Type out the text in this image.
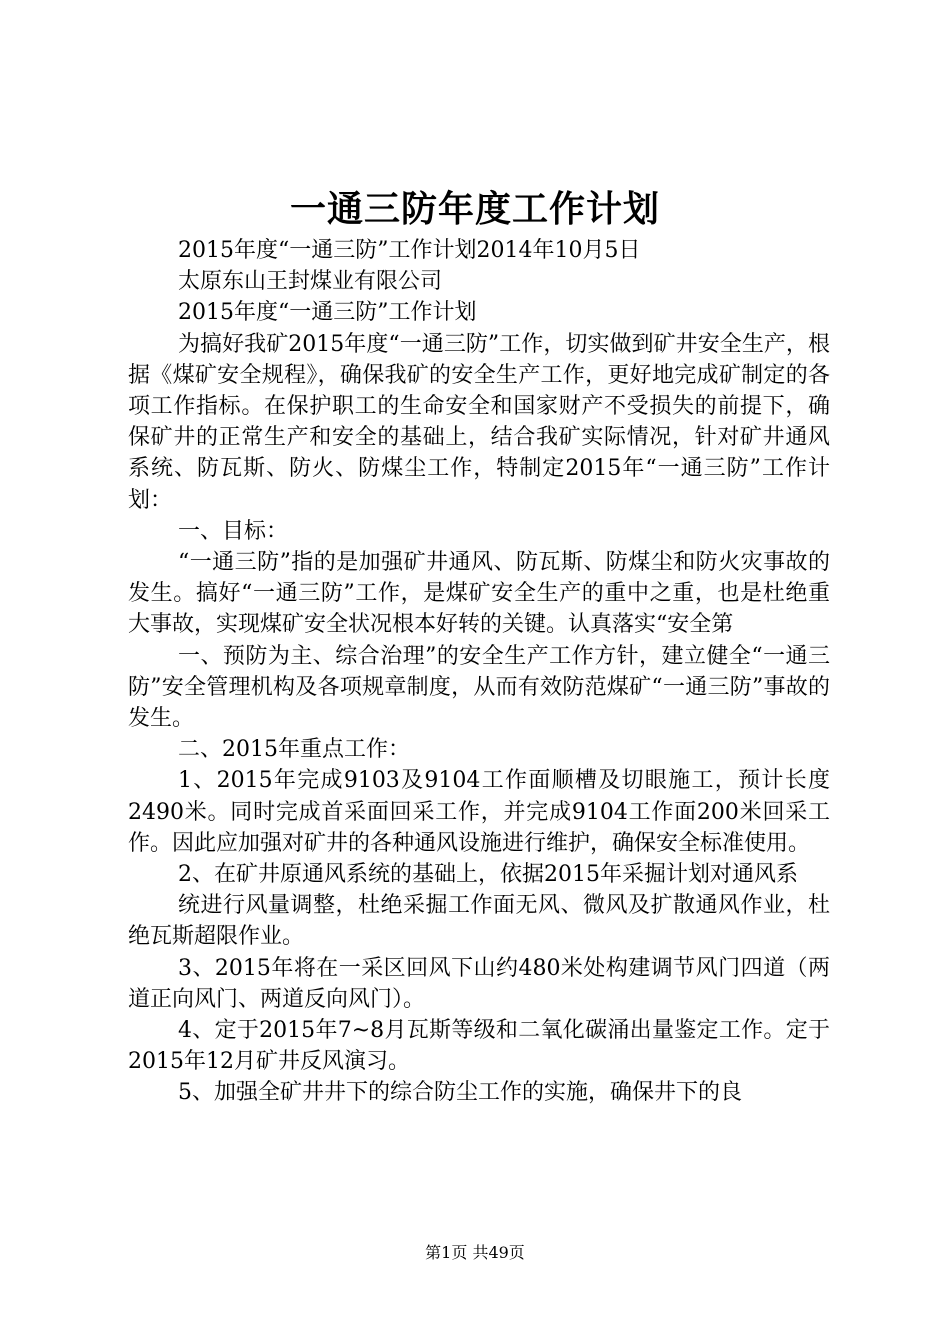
一通三防年度工作计划

2015年度“一通三防”工作计划2014年10月5日

太原东山王封煤业有限公司

2015年度“一通三防”工作计划

为搞好我矿2015年度“一通三防”工作，切实做到矿井安全生产，根据《煤矿安全规程》，确保我矿的安全生产工作，更好地完成矿制定的各项工作指标。在保护职工的生命安全和国家财产不受损失的前提下，确保矿井的正常生产和安全的基础上，结合我矿实际情况，针对矿井通风系统、防瓦斯、防火、防煤尘工作，特制定2015年“一通三防”工作计划：

一、目标：

“一通三防”指的是加强矿井通风、防瓦斯、防煤尘和防火灾事故的发生。搞好“一通三防”工作，是煤矿安全生产的重中之重，也是杜绝重大事故，实现煤矿安全状况根本好转的关键。认真落实“安全第

一、预防为主、综合治理”的安全生产工作方针，建立健全“一通三防”安全管理机构及各项规章制度，从而有效防范煤矿“一通三防”事故的发生。

二、2015年重点工作：

1、2015年完成9103及9104工作面顺槽及切眼施工，预计长度2490米。同时完成首采面回采工作，并完成9104工作面200米回采工作。因此应加强对矿井的各种通风设施进行维护，确保安全标准使用。

2、在矿井原通风系统的基础上，依据2015年采掘计划对通风系

统进行风量调整，杜绝采掘工作面无风、微风及扩散通风作业，杜绝瓦斯超限作业。

3、2015年将在一采区回风下山约480米处构建调节风门四道（两道正向风门、两道反向风门）。

4、定于2015年7~8月瓦斯等级和二氧化碳涌出量鉴定工作。定于2015年12月矿井反风演习。

5、加强全矿井井下的综合防尘工作的实施，确保井下的良

第1页 共49页
